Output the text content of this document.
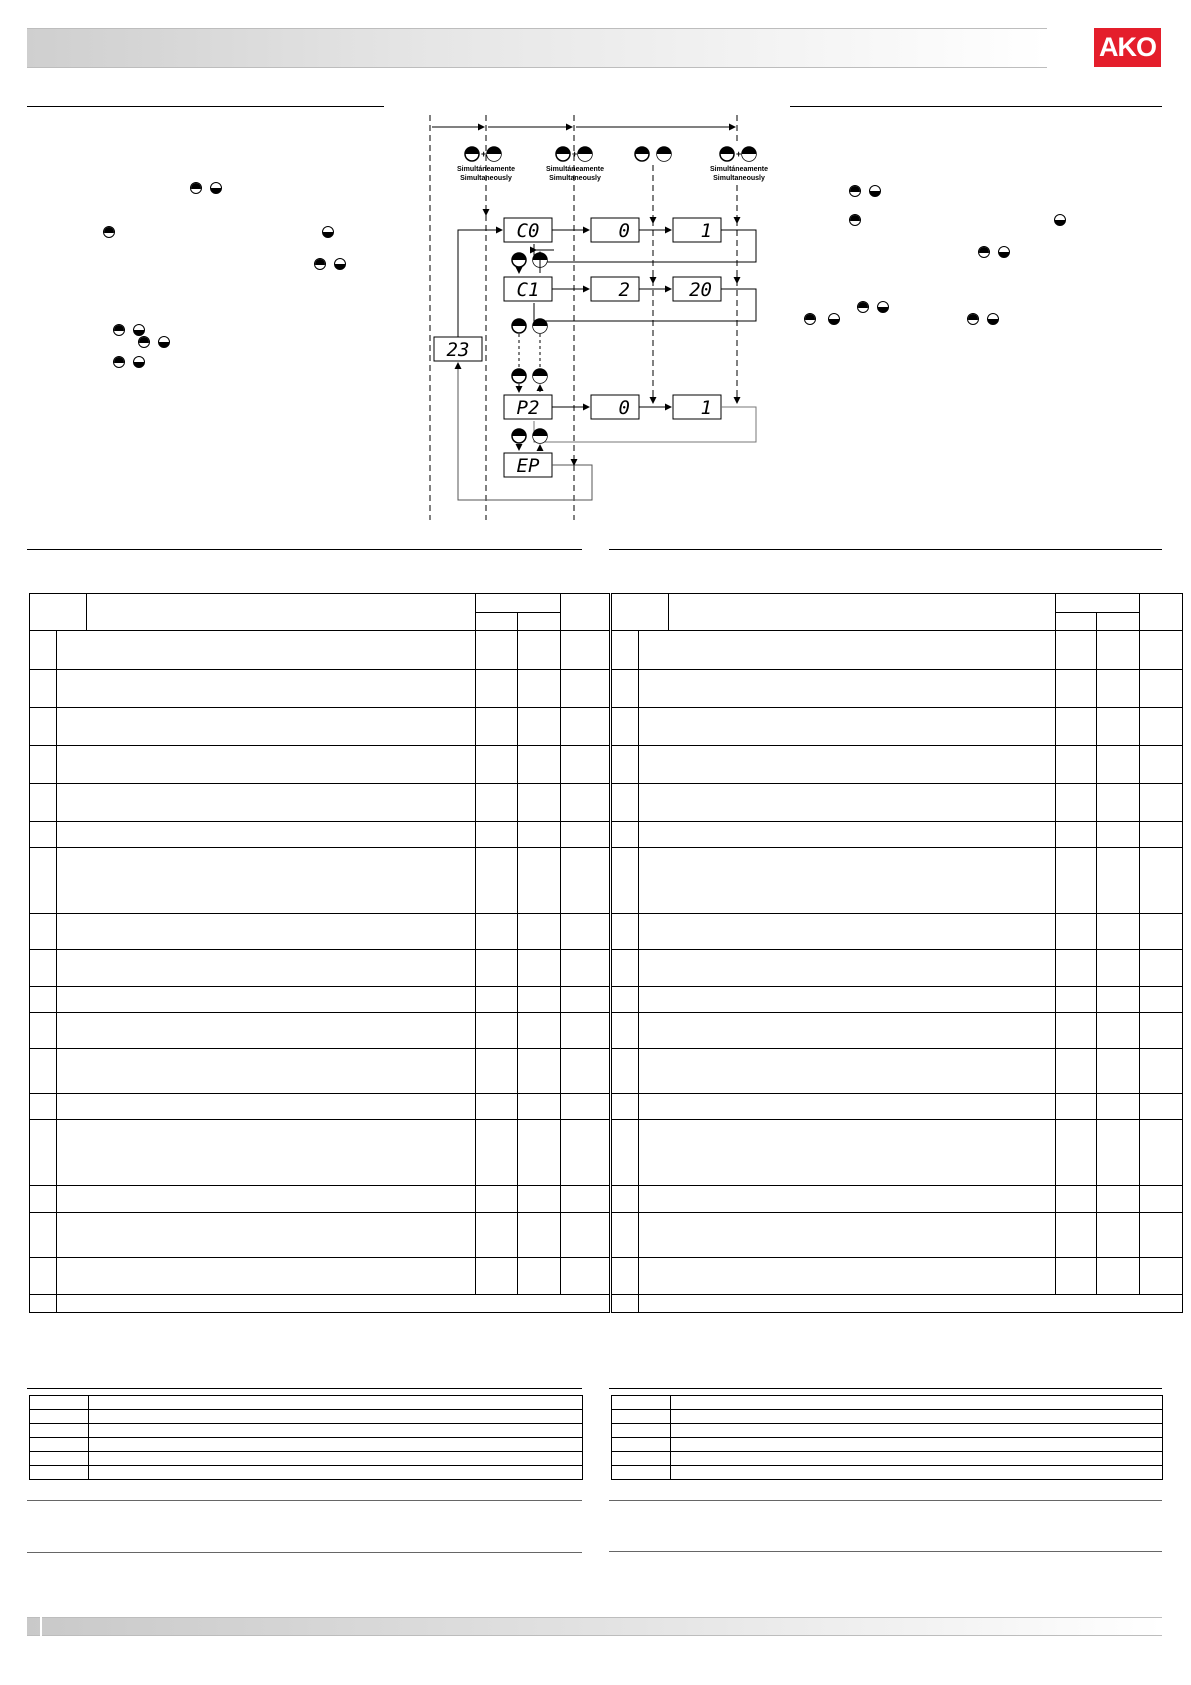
AKO
+
Simultáneamente
Simultaneously
+
Simultáneamente
Simultaneously
+
Simultáneamente
Simultaneously
23
C0	0	1
C1	2	20
P2	0	1
EP
